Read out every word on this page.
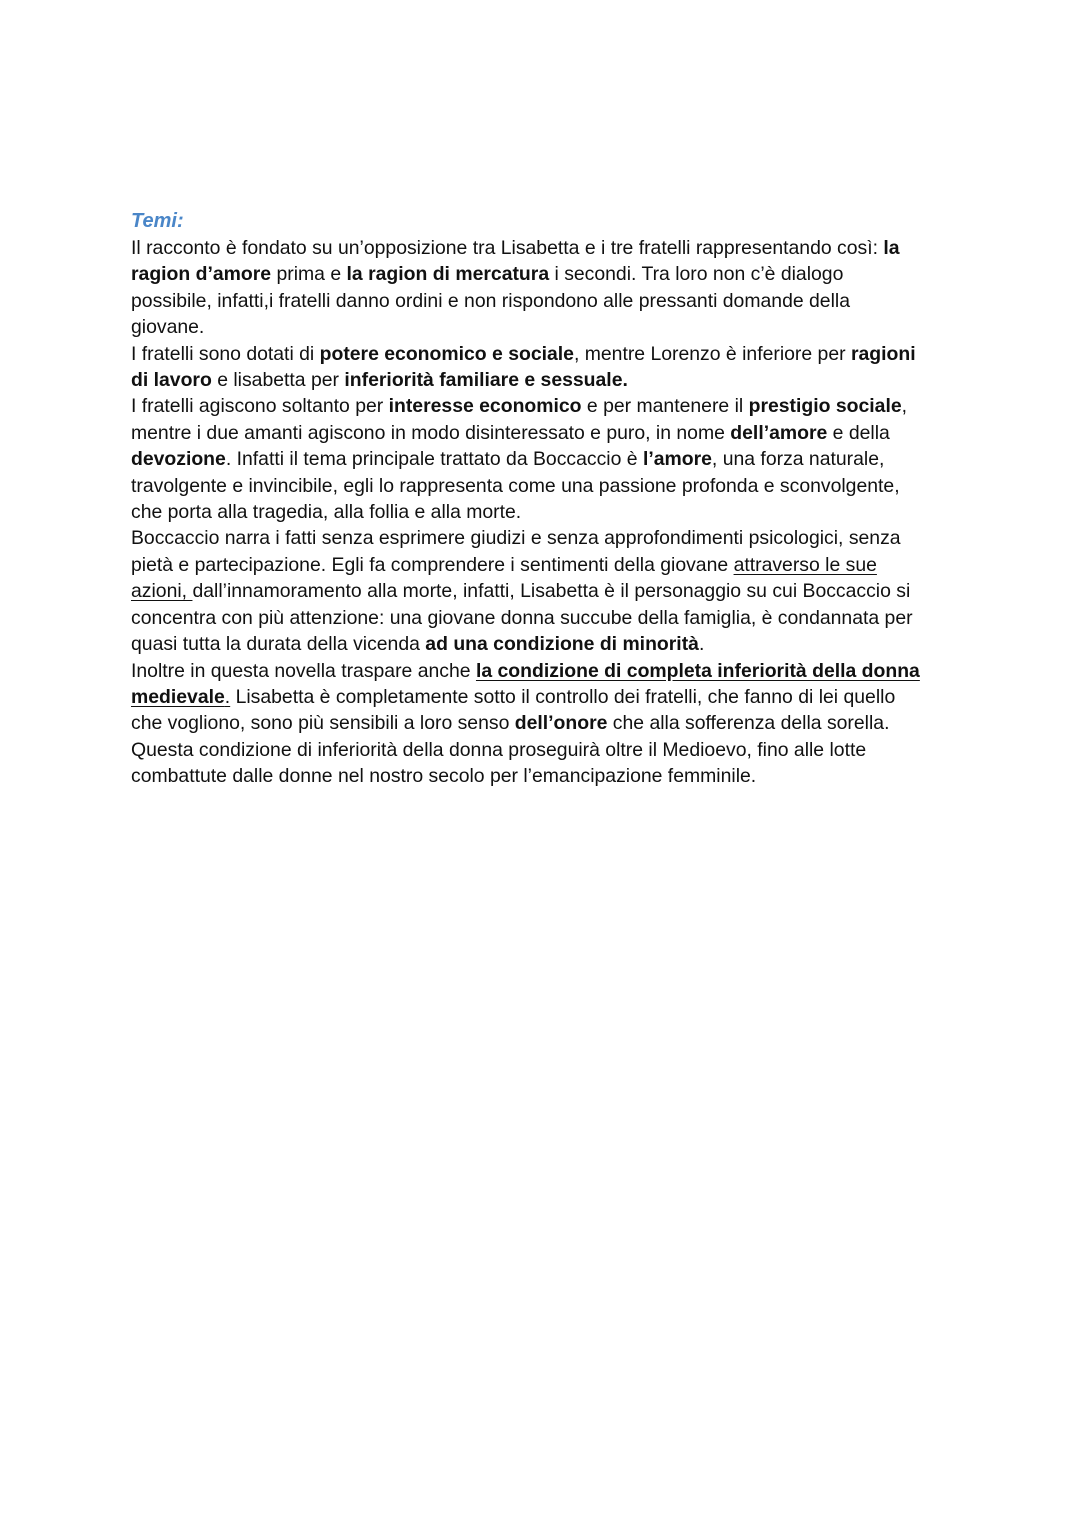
Temi:
Il racconto è fondato su un’opposizione tra Lisabetta e i tre fratelli rappresentando così: la
ragion d’amore prima e la ragion di mercatura i secondi. Tra loro non c’è dialogo
possibile, infatti,i fratelli danno ordini e non rispondono alle pressanti domande della
giovane.
I fratelli sono dotati di potere economico e sociale, mentre Lorenzo è inferiore per ragioni
di lavoro e lisabetta per inferiorità familiare e sessuale.
I fratelli agiscono soltanto per interesse economico e per mantenere il prestigio sociale,
mentre i due amanti agiscono in modo disinteressato e puro, in nome dell’amore e della
devozione. Infatti il tema principale trattato da Boccaccio è l’amore, una forza naturale,
travolgente e invincibile, egli lo rappresenta come una passione profonda e sconvolgente,
che porta alla tragedia, alla follia e alla morte.
Boccaccio narra i fatti senza esprimere giudizi e senza approfondimenti psicologici, senza
pietà e partecipazione. Egli fa comprendere i sentimenti della giovane attraverso le sue
azioni, dall’innamoramento alla morte, infatti, Lisabetta è il personaggio su cui Boccaccio si
concentra con più attenzione: una giovane donna succube della famiglia, è condannata per
quasi tutta la durata della vicenda ad una condizione di minorità.
Inoltre in questa novella traspare anche la condizione di completa inferiorità della donna
medievale. Lisabetta è completamente sotto il controllo dei fratelli, che fanno di lei quello
che vogliono, sono più sensibili a loro senso dell’onore che alla sofferenza della sorella.
Questa condizione di inferiorità della donna proseguirà oltre il Medioevo, fino alle lotte
combattute dalle donne nel nostro secolo per l’emancipazione femminile.
